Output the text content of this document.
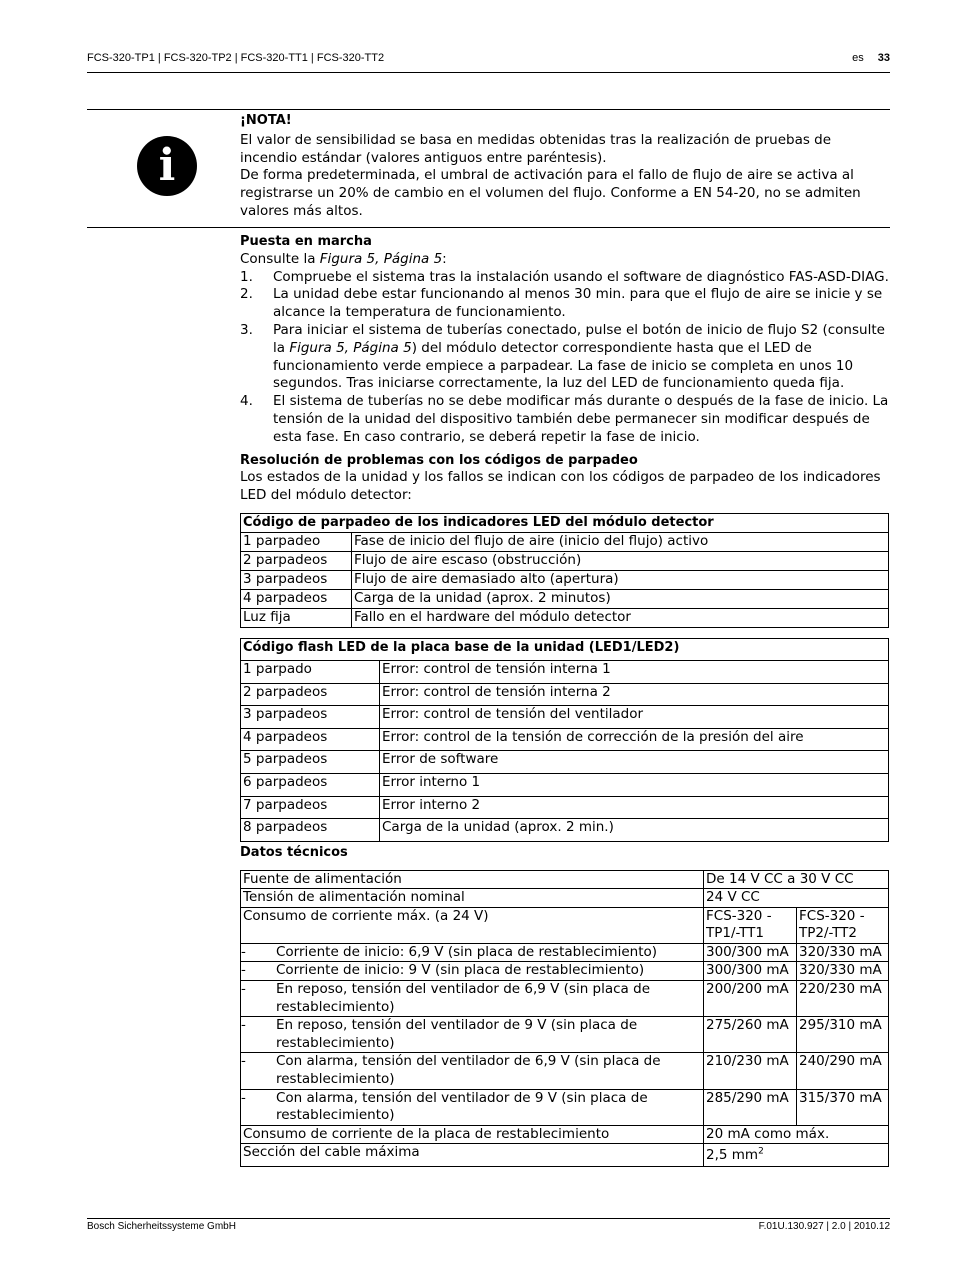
FCS-320-TP1 | FCS-320-TP2 | FCS-320-TT1 | FCS-320-TT2	es 33
i

¡NOTA!

El valor de sensibilidad se basa en medidas obtenidas tras la realización de pruebas de incendio estándar (valores antiguos entre paréntesis).

De forma predeterminada, el umbral de activación para el fallo de flujo de aire se activa al registrarse un 20% de cambio en el volumen del flujo. Conforme a EN 54-20, no se admiten valores más altos.

Puesta en marcha

Consulte la Figura 5, Página 5:

1. Compruebe el sistema tras la instalación usando el software de diagnóstico FAS-ASD-DIAG.
2. La unidad debe estar funcionando al menos 30 min. para que el flujo de aire se inicie y se alcance la temperatura de funcionamiento.
3. Para iniciar el sistema de tuberías conectado, pulse el botón de inicio de flujo S2 (consulte la Figura 5, Página 5) del módulo detector correspondiente hasta que el LED de funcionamiento verde empiece a parpadear. La fase de inicio se completa en unos 10 segundos. Tras iniciarse correctamente, la luz del LED de funcionamiento queda fija.
4. El sistema de tuberías no se debe modificar más durante o después de la fase de inicio. La tensión de la unidad del dispositivo también debe permanecer sin modificar después de esta fase. En caso contrario, se deberá repetir la fase de inicio.

Resolución de problemas con los códigos de parpadeo

Los estados de la unidad y los fallos se indican con los códigos de parpadeo de los indicadores LED del módulo detector:

Código de parpadeo de los indicadores LED del módulo detector	
1 parpadeo	Fase de inicio del flujo de aire (inicio del flujo) activo
2 parpadeos	Flujo de aire escaso (obstrucción)
3 parpadeos	Flujo de aire demasiado alto (apertura)
4 parpadeos	Carga de la unidad (aprox. 2 minutos)
Luz fija	Fallo en el hardware del módulo detector
Código flash LED de la placa base de la unidad (LED1/LED2)	
1 parpado	Error: control de tensión interna 1
2 parpadeos	Error: control de tensión interna 2
3 parpadeos	Error: control de tensión del ventilador
4 parpadeos	Error: control de la tensión de corrección de la presión del aire
5 parpadeos	Error de software
6 parpadeos	Error interno 1
7 parpadeos	Error interno 2
8 parpadeos	Carga de la unidad (aprox. 2 min.)

Datos técnicos

Fuente de alimentación	De 14 V CC a 30 V CC	
Tensión de alimentación nominal	24 V CC	
Consumo de corriente máx. (a 24 V)	FCS-320 -TP1/-TT1	FCS-320 -TP2/-TT2

- Corriente de inicio: 6,9 V (sin placa de restablecimiento)	300/300 mA	320/330 mA

- Corriente de inicio: 9 V (sin placa de restablecimiento)	300/300 mA	320/330 mA

- En reposo, tensión del ventilador de 6,9 V (sin placa de restablecimiento)	200/200 mA	220/230 mA

- En reposo, tensión del ventilador de 9 V (sin placa de restablecimiento)	275/260 mA	295/310 mA

- Con alarma, tensión del ventilador de 6,9 V (sin placa de restablecimiento)	210/230 mA	240/290 mA

- Con alarma, tensión del ventilador de 9 V (sin placa de restablecimiento)	285/290 mA	315/370 mA
Consumo de corriente de la placa de restablecimiento	20 mA como máx.	
Sección del cable máxima	2,5 $mm^2$
Bosch Sicherheitssysteme GmbH	F.01U.130.927 | 2.0 | 2010.12
